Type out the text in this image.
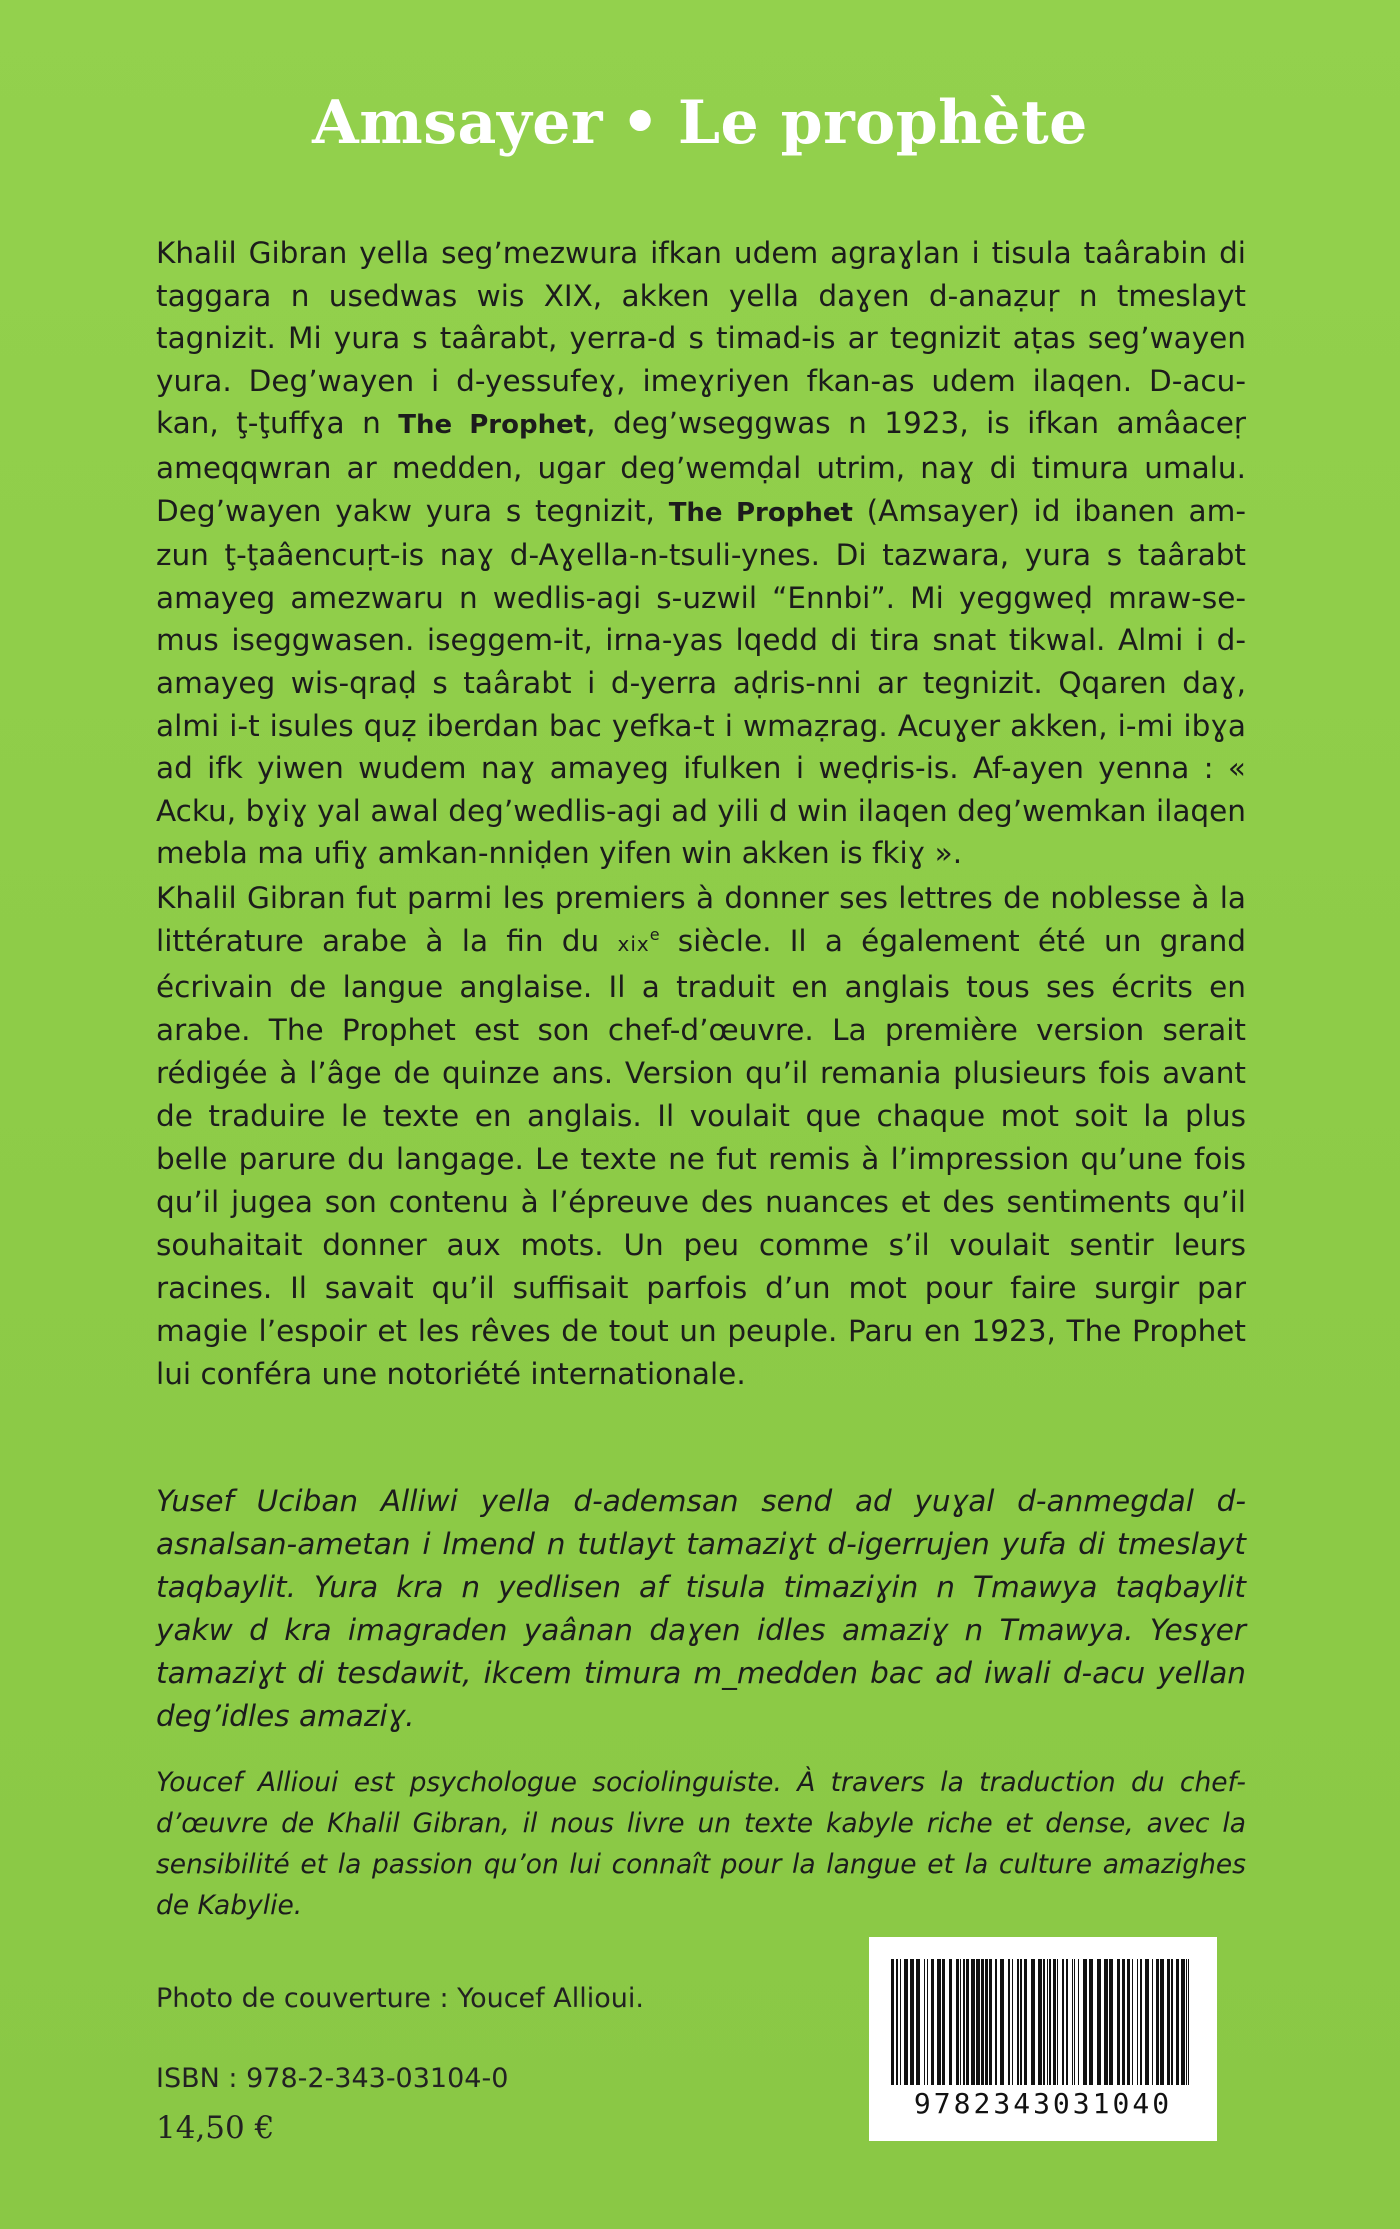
Amsayer • Le prophète
Khalil Gibran yella seg’mezwura ifkan udem agraɣlan i tisula taârabin di taggara n usedwas wis XIX, akken yella daɣen d-anaẓuṛ n tmeslayt tagnizit. Mi yura s taârabt, yerra-d s timad-is ar tegnizit aṭas seg’wayen yura. Deg’wayen i d-yessufeɣ, imeɣriyen fkan-as udem ilaqen. D-acu-kan, ţ-ţuffɣa n The Prophet, deg’wseggwas n 1923, is ifkan amâaceṛ ameqqwran ar medden, ugar deg’wemḍal utrim, naɣ di timura umalu. Deg’wayen yakw yura s tegnizit, The Prophet (Amsayer) id ibanen am-zun ţ-ţaâencuṛt-is naɣ d-Aɣella-n-tsuli-ynes. Di tazwara, yura s taârabt amayeg amezwaru n wedlis-agi s-uzwil “Ennbi”. Mi yeggweḍ mraw-se-mus iseggwasen. iseggem-it, irna-yas lqedd di tira snat tikwal. Almi i d-amayeg wis-qraḍ s taârabt i d-yerra aḍris-nni ar tegnizit. Qqaren daɣ, almi i-t isules quẓ iberdan bac yefka-t i wmaẓrag. Acuɣer akken, i-mi ibɣa ad ifk yiwen wudem naɣ amayeg ifulken i weḍris-is. Af-ayen yenna : « Acku, bɣiɣ yal awal deg’wedlis-agi ad yili d win ilaqen deg’wemkan ilaqen mebla ma ufiɣ amkan-nniḍen yifen win akken is fkiɣ ».
Khalil Gibran fut parmi les premiers à donner ses lettres de noblesse à la littérature arabe à la fin du xix$^e$ siècle. Il a également été un grand écrivain de langue anglaise. Il a traduit en anglais tous ses écrits en arabe. The Prophet est son chef-d’œuvre. La première version serait rédigée à l’âge de quinze ans. Version qu’il remania plusieurs fois avant de traduire le texte en anglais. Il voulait que chaque mot soit la plus belle parure du langage. Le texte ne fut remis à l’impression qu’une fois qu’il jugea son contenu à l’épreuve des nuances et des sentiments qu’il souhaitait donner aux mots. Un peu comme s’il voulait sentir leurs racines. Il savait qu’il suffisait parfois d’un mot pour faire surgir par magie l’espoir et les rêves de tout un peuple. Paru en 1923, The Prophet lui conféra une notoriété internationale.
Yusef Uciban Alliwi yella d-ademsan send ad yuɣal d-anmegdal d-asnalsan-ametan i lmend n tutlayt tamaziɣt d-igerrujen yufa di tmeslayt taqbaylit. Yura kra n yedlisen af tisula timaziɣin n Tmawya taqbaylit yakw d kra imagraden yaânan daɣen idles amaziɣ n Tmawya. Yesɣer tamaziɣt di tesdawit, ikcem timura m_medden bac ad iwali d-acu yellan deg’idles amaziɣ.
Youcef Allioui est psychologue sociolinguiste. À travers la traduction du chef-d’œuvre de Khalil Gibran, il nous livre un texte kabyle riche et dense, avec la sensibilité et la passion qu’on lui connaît pour la langue et la culture amazighes de Kabylie.
Photo de couverture : Youcef Allioui.
ISBN : 978-2-343-03104-0
14,50 €
9782343031040
